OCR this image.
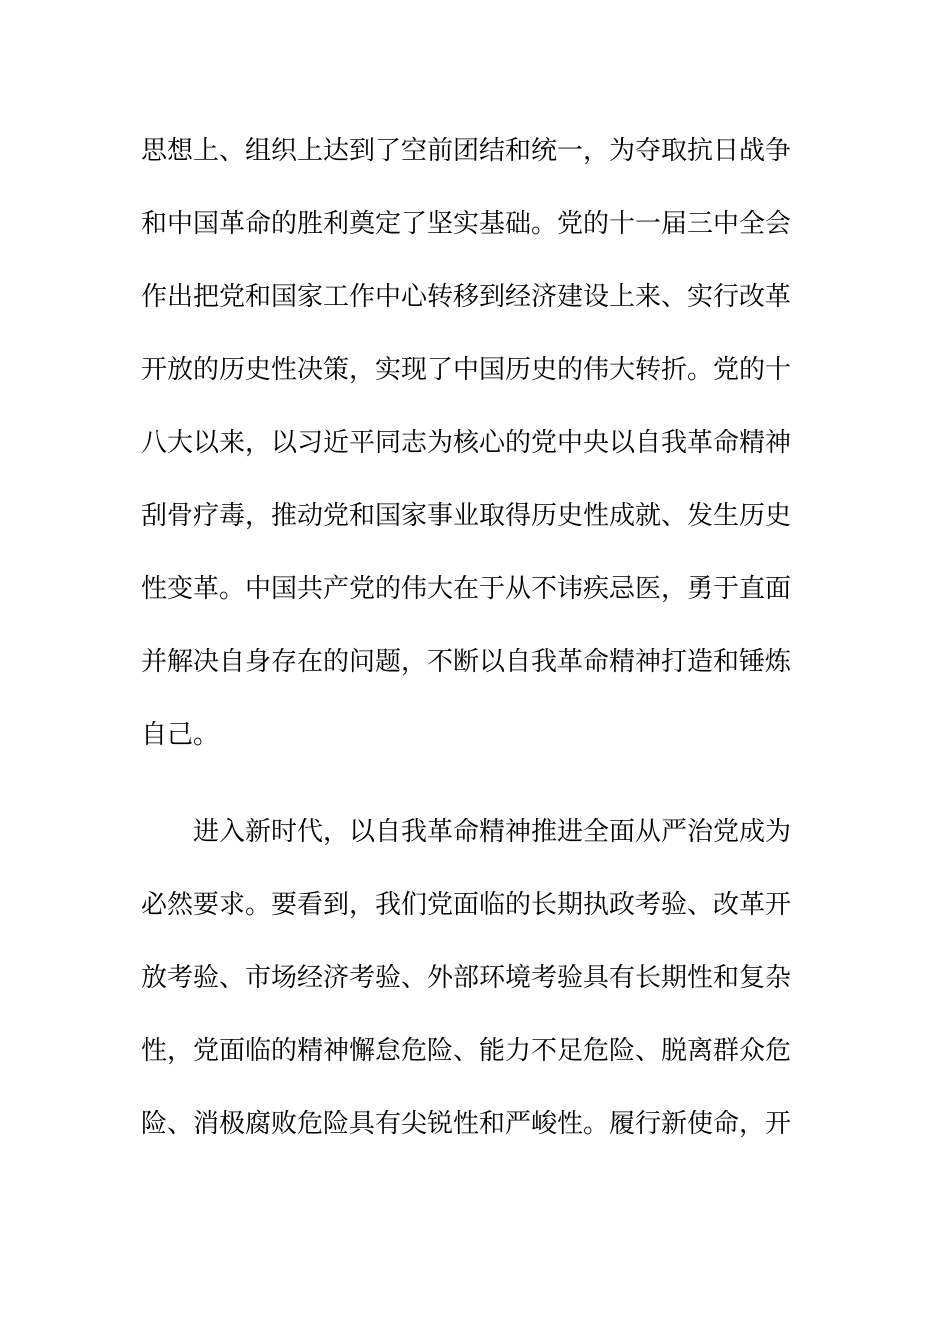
思想上、组织上达到了空前团结和统一，为夺取抗日战争
和中国革命的胜利奠定了坚实基础。党的十一届三中全会
作出把党和国家工作中心转移到经济建设上来、实行改革
开放的历史性决策，实现了中国历史的伟大转折。党的十
八大以来，以习近平同志为核心的党中央以自我革命精神
刮骨疗毒，推动党和国家事业取得历史性成就、发生历史
性变革。中国共产党的伟大在于从不讳疾忌医，勇于直面
并解决自身存在的问题，不断以自我革命精神打造和锤炼
自己。
进入新时代，以自我革命精神推进全面从严治党成为
必然要求。要看到，我们党面临的长期执政考验、改革开
放考验、市场经济考验、外部环境考验具有长期性和复杂
性，党面临的精神懈怠危险、能力不足危险、脱离群众危
险、消极腐败危险具有尖锐性和严峻性。履行新使命，开
